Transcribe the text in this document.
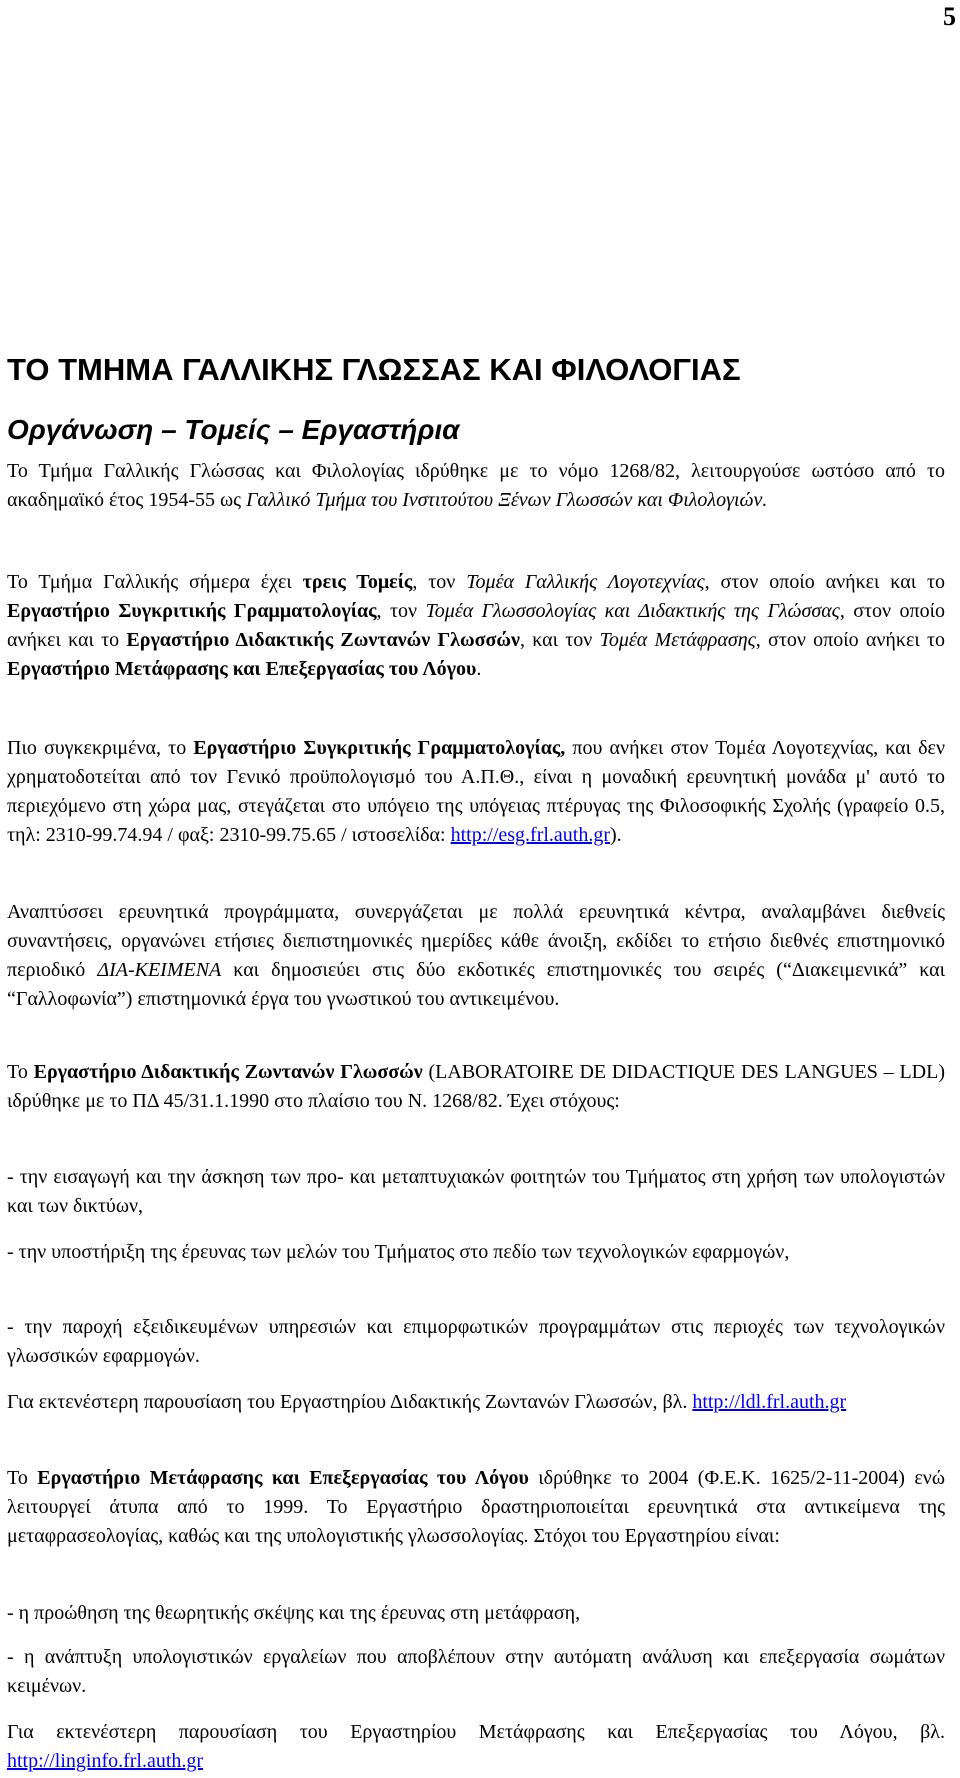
5
ΤΟ ΤΜΗΜΑ ΓΑΛΛΙΚΗΣ ΓΛΩΣΣΑΣ ΚΑΙ ΦΙΛΟΛΟΓΙΑΣ
Οργάνωση – Τομείς – Εργαστήρια

Το Τμήμα Γαλλικής Γλώσσας και Φιλολογίας ιδρύθηκε με το νόμο 1268/82, λειτουργούσε ωστόσο από το ακαδημαϊκό έτος 1954-55 ως Γαλλικό Τμήμα του Ινστιτούτου Ξένων Γλωσσών και Φιλολογιών.

Το Τμήμα Γαλλικής σήμερα έχει τρεις Τομείς, τον Τομέα Γαλλικής Λογοτεχνίας, στον οποίο ανήκει και το Εργαστήριο Συγκριτικής Γραμματολογίας, τον Τομέα Γλωσσολογίας και Διδακτικής της Γλώσσας, στον οποίο ανήκει και το Εργαστήριο Διδακτικής Ζωντανών Γλωσσών, και τον Τομέα Μετάφρασης, στον οποίο ανήκει το Εργαστήριο Μετάφρασης και Επεξεργασίας του Λόγου.

Πιο συγκεκριμένα, το Εργαστήριο Συγκριτικής Γραμματολογίας, που ανήκει στον Τομέα Λογοτεχνίας, και δεν χρηματοδοτείται από τον Γενικό προϋπολογισμό του Α.Π.Θ., είναι η μοναδική ερευνητική μονάδα μ' αυτό το περιεχόμενο στη χώρα μας, στεγάζεται στο υπόγειο της υπόγειας πτέρυγας της Φιλοσοφικής Σχολής (γραφείο 0.5, τηλ: 2310-99.74.94 / φαξ: 2310-99.75.65 / ιστοσελίδα: http://esg.frl.auth.gr).

Αναπτύσσει ερευνητικά προγράμματα, συνεργάζεται με πολλά ερευνητικά κέντρα, αναλαμβάνει διεθνείς συναντήσεις, οργανώνει ετήσιες διεπιστημονικές ημερίδες κάθε άνοιξη, εκδίδει το ετήσιο διεθνές επιστημονικό περιοδικό ΔΙΑ-ΚΕΙΜΕΝΑ και δημοσιεύει στις δύο εκδοτικές επιστημονικές του σειρές (“Διακειμενικά” και “Γαλλοφωνία”) επιστημονικά έργα του γνωστικού του αντικειμένου.

Το Εργαστήριο Διδακτικής Ζωντανών Γλωσσών (LABORATOIRE DE DIDACTIQUE DES LANGUES – LDL) ιδρύθηκε με το ΠΔ 45/31.1.1990 στο πλαίσιο του Ν. 1268/82. Έχει στόχους:

- την εισαγωγή και την άσκηση των προ- και μεταπτυχιακών φοιτητών του Τμήματος στη χρήση των υπολογιστών και των δικτύων,

- την υποστήριξη της έρευνας των μελών του Τμήματος στο πεδίο των τεχνολογικών εφαρμογών,

- την παροχή εξειδικευμένων υπηρεσιών και επιμορφωτικών προγραμμάτων στις περιοχές των τεχνολογικών γλωσσικών εφαρμογών.

Για εκτενέστερη παρουσίαση του Εργαστηρίου Διδακτικής Ζωντανών Γλωσσών, βλ. http://ldl.frl.auth.gr

Το Εργαστήριο Μετάφρασης και Επεξεργασίας του Λόγου ιδρύθηκε το 2004 (Φ.Ε.Κ. 1625/2-11-2004) ενώ λειτουργεί άτυπα από το 1999. Το Εργαστήριο δραστηριοποιείται ερευνητικά στα αντικείμενα της μεταφρασεολογίας, καθώς και της υπολογιστικής γλωσσολογίας. Στόχοι του Εργαστηρίου είναι:

- η προώθηση της θεωρητικής σκέψης και της έρευνας στη μετάφραση,

- η ανάπτυξη υπολογιστικών εργαλείων που αποβλέπουν στην αυτόματη ανάλυση και επεξεργασία σωμάτων κειμένων.

Για εκτενέστερη παρουσίαση του Εργαστηρίου Μετάφρασης και Επεξεργασίας του Λόγου, βλ. http://linginfo.frl.auth.gr
